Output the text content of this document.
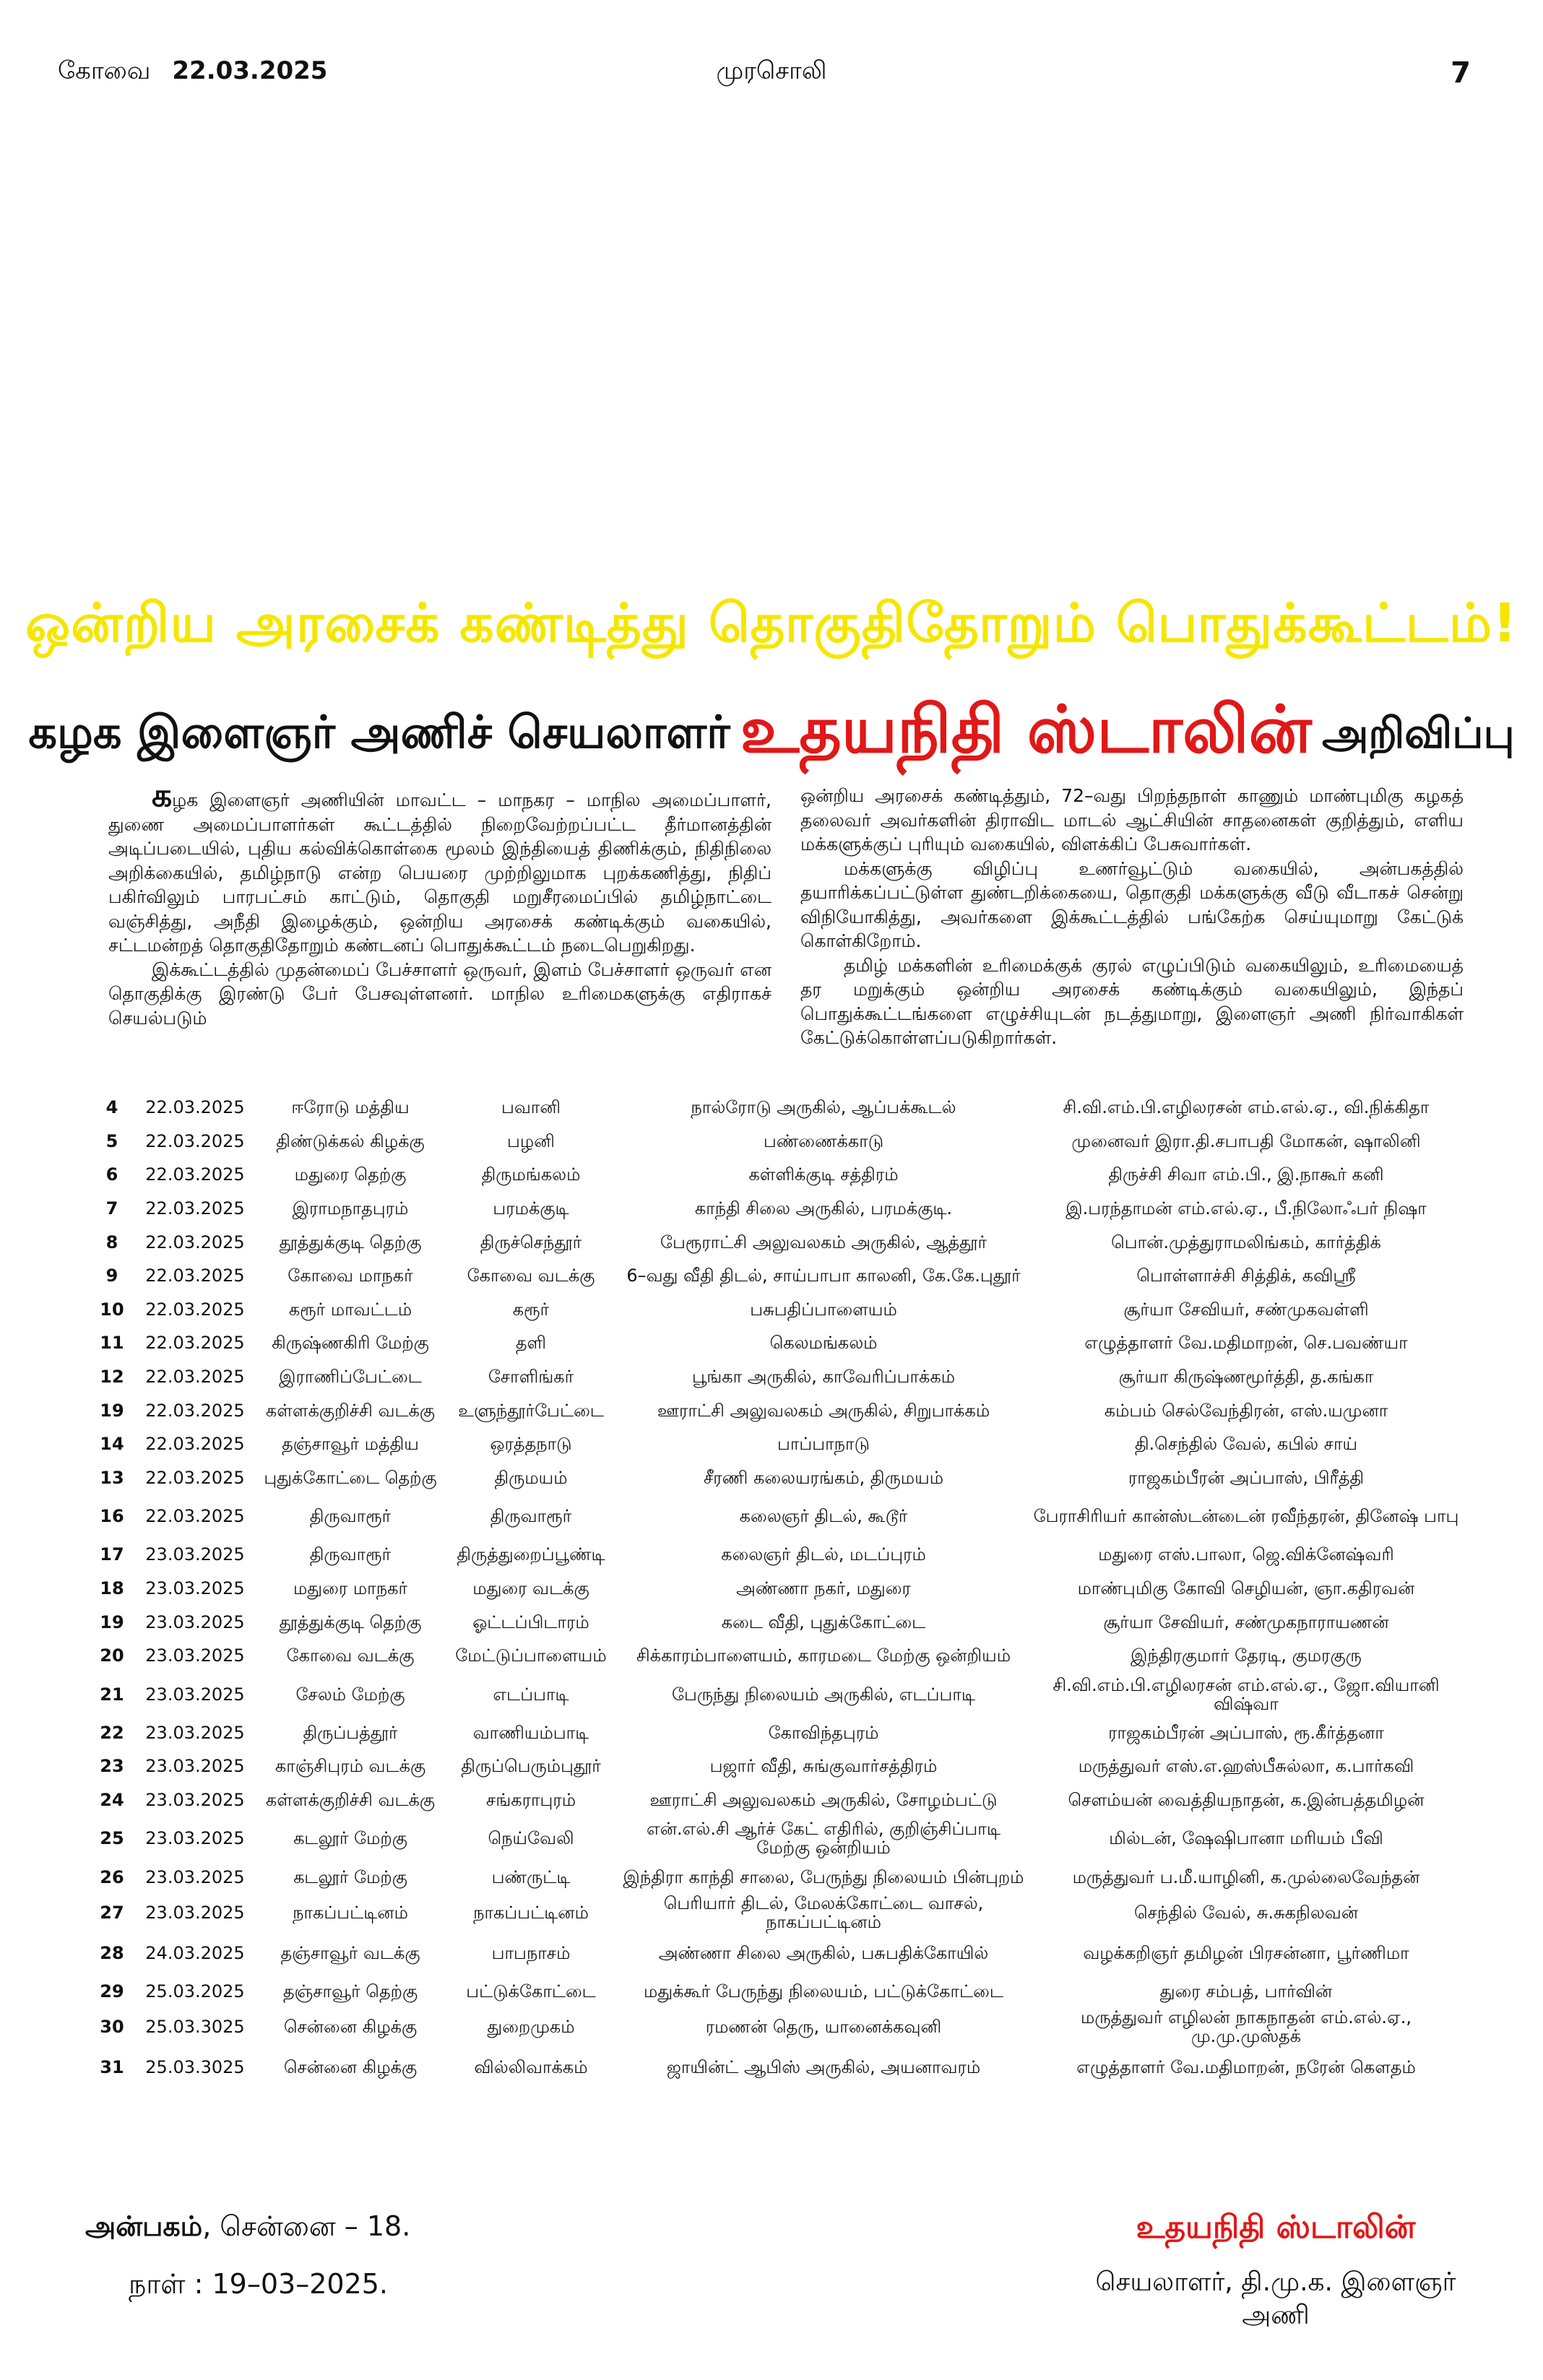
கோவை 22.03.2025	முரசொலி	7
ஒன்றிய அரசைக் கண்டித்து தொகுதிதோறும் பொதுக்கூட்டம்!
கழக இளைஞர் அணிச் செயலாளர் உதயநிதி ஸ்டாலின் அறிவிப்பு

கழக இளைஞர் அணியின் மாவட்ட – மாநகர – மாநில அமைப்பாளர், துணை அமைப்பாளர்கள் கூட்டத்தில் நிறைவேற்றப்பட்ட தீர்மானத்தின் அடிப்படையில், புதிய கல்விக்கொள்கை மூலம் இந்தியைத் திணிக்கும், நிதிநிலை அறிக்கையில், தமிழ்நாடு என்ற பெயரை முற்றிலுமாக புறக்கணித்து, நிதிப் பகிர்விலும் பாரபட்சம் காட்டும், தொகுதி மறுசீரமைப்பில் தமிழ்நாட்டை வஞ்சித்து, அநீதி இழைக்கும், ஒன்றிய அரசைக் கண்டிக்கும் வகையில், சட்டமன்றத் தொகுதிதோறும் கண்டனப் பொதுக்கூட்டம் நடைபெறுகிறது.

இக்கூட்டத்தில் முதன்மைப் பேச்சாளர் ஒருவர், இளம் பேச்சாளர் ஒருவர் என தொகுதிக்கு இரண்டு பேர் பேசவுள்ளனர். மாநில உரிமைகளுக்கு எதிராகச் செயல்படும்

ஒன்றிய அரசைக் கண்டித்தும், 72–வது பிறந்தநாள் காணும் மாண்புமிகு கழகத் தலைவர் அவர்களின் திராவிட மாடல் ஆட்சியின் சாதனைகள் குறித்தும், எளிய மக்களுக்குப் புரியும் வகையில், விளக்கிப் பேசுவார்கள்.

மக்களுக்கு விழிப்பு உணர்வூட்டும் வகையில், அன்பகத்தில் தயாரிக்கப்பட்டுள்ள துண்டறிக்கையை, தொகுதி மக்களுக்கு வீடு வீடாகச் சென்று விநியோகித்து, அவர்களை இக்கூட்டத்தில் பங்கேற்க செய்யுமாறு கேட்டுக் கொள்கிறோம்.

தமிழ் மக்களின் உரிமைக்குக் குரல் எழுப்பிடும் வகையிலும், உரிமையைத் தர மறுக்கும் ஒன்றிய அரசைக் கண்டிக்கும் வகையிலும், இந்தப் பொதுக்கூட்டங்களை எழுச்சியுடன் நடத்துமாறு, இளைஞர் அணி நிர்வாகிகள் கேட்டுக்கொள்ளப்படுகிறார்கள்.

4	22.03.2025	ஈரோடு மத்திய	பவானி	நால்ரோடு அருகில், ஆப்பக்கூடல்	சி.வி.எம்.பி.எழிலரசன் எம்.எல்.ஏ., வி.நிக்கிதா
5	22.03.2025	திண்டுக்கல் கிழக்கு	பழனி	பண்ணைக்காடு	முனைவர் இரா.தி.சபாபதி மோகன், ஷாலினி
6	22.03.2025	மதுரை தெற்கு	திருமங்கலம்	கள்ளிக்குடி சத்திரம்	திருச்சி சிவா எம்.பி., இ.நாகூர் கனி
7	22.03.2025	இராமநாதபுரம்	பரமக்குடி	காந்தி சிலை அருகில், பரமக்குடி.	இ.பரந்தாமன் எம்.எல்.ஏ., பீ.நிலோஃபர் நிஷா
8	22.03.2025	தூத்துக்குடி தெற்கு	திருச்செந்தூர்	பேரூராட்சி அலுவலகம் அருகில், ஆத்தூர்	பொன்.முத்துராமலிங்கம், கார்த்திக்
9	22.03.2025	கோவை மாநகர்	கோவை வடக்கு	6–வது வீதி திடல், சாய்பாபா காலனி, கே.கே.புதூர்	பொள்ளாச்சி சித்திக், கவிஸ்ரீ
10	22.03.2025	கரூர் மாவட்டம்	கரூர்	பசுபதிப்பாளையம்	சூர்யா சேவியர், சண்முகவள்ளி
11	22.03.2025	கிருஷ்ணகிரி மேற்கு	தளி	கெலமங்கலம்	எழுத்தாளர் வே.மதிமாறன், செ.பவண்யா
12	22.03.2025	இராணிப்பேட்டை	சோளிங்கர்	பூங்கா அருகில், காவேரிப்பாக்கம்	சூர்யா கிருஷ்ணமூர்த்தி, த.கங்கா
19	22.03.2025	கள்ளக்குறிச்சி வடக்கு	உளுந்தூர்பேட்டை	ஊராட்சி அலுவலகம் அருகில், சிறுபாக்கம்	கம்பம் செல்வேந்திரன், எஸ்.யமுனா
14	22.03.2025	தஞ்சாவூர் மத்திய	ஒரத்தநாடு	பாப்பாநாடு	தி.செந்தில் வேல், கபில் சாய்
13	22.03.2025	புதுக்கோட்டை தெற்கு	திருமயம்	சீரணி கலையரங்கம், திருமயம்	ராஜகம்பீரன் அப்பாஸ், பிரீத்தி
16	22.03.2025	திருவாரூர்	திருவாரூர்	கலைஞர் திடல், கூடூர்	பேராசிரியர் கான்ஸ்டன்டைன் ரவீந்தரன், தினேஷ் பாபு
17	23.03.2025	திருவாரூர்	திருத்துறைப்பூண்டி	கலைஞர் திடல், மடப்புரம்	மதுரை எஸ்.பாலா, ஜெ.விக்னேஷ்வரி
18	23.03.2025	மதுரை மாநகர்	மதுரை வடக்கு	அண்ணா நகர், மதுரை	மாண்புமிகு கோவி செழியன், ஞா.கதிரவன்
19	23.03.2025	தூத்துக்குடி தெற்கு	ஓட்டப்பிடாரம்	கடை வீதி, புதுக்கோட்டை	சூர்யா சேவியர், சண்முகநாராயணன்
20	23.03.2025	கோவை வடக்கு	மேட்டுப்பாளையம்	சிக்காரம்பாளையம், காரமடை மேற்கு ஒன்றியம்	இந்திரகுமார் தேரடி, குமரகுரு
21	23.03.2025	சேலம் மேற்கு	எடப்பாடி	பேருந்து நிலையம் அருகில், எடப்பாடி	சி.வி.எம்.பி.எழிலரசன் எம்.எல்.ஏ., ஜோ.வியானி விஷ்வா
22	23.03.2025	திருப்பத்தூர்	வாணியம்பாடி	கோவிந்தபுரம்	ராஜகம்பீரன் அப்பாஸ், ரூ.கீர்த்தனா
23	23.03.2025	காஞ்சிபுரம் வடக்கு	திருப்பெரும்புதூர்	பஜார் வீதி, சுங்குவார்சத்திரம்	மருத்துவர் எஸ்.எ.ஹஸ்பீசுல்லா, க.பார்கவி
24	23.03.2025	கள்ளக்குறிச்சி வடக்கு	சங்கராபுரம்	ஊராட்சி அலுவலகம் அருகில், சோழம்பட்டு	சௌம்யன் வைத்தியநாதன், க.இன்பத்தமிழன்
25	23.03.2025	கடலூர் மேற்கு	நெய்வேலி	என்.எல்.சி ஆர்ச் கேட் எதிரில், குறிஞ்சிப்பாடி மேற்கு ஒன்றியம்	மில்டன், ஷேஷிபானா மரியம் பீவி
26	23.03.2025	கடலூர் மேற்கு	பண்ருட்டி	இந்திரா காந்தி சாலை, பேருந்து நிலையம் பின்புறம்	மருத்துவர் ப.மீ.யாழினி, க.முல்லைவேந்தன்
27	23.03.2025	நாகப்பட்டினம்	நாகப்பட்டினம்	பெரியார் திடல், மேலக்கோட்டை வாசல், நாகப்பட்டினம்	செந்தில் வேல், சு.சுகநிலவன்
28	24.03.2025	தஞ்சாவூர் வடக்கு	பாபநாசம்	அண்ணா சிலை அருகில், பசுபதிக்கோயில்	வழக்கறிஞர் தமிழன் பிரசன்னா, பூர்ணிமா
29	25.03.2025	தஞ்சாவூர் தெற்கு	பட்டுக்கோட்டை	மதுக்கூர் பேருந்து நிலையம், பட்டுக்கோட்டை	துரை சம்பத், பார்வின்
30	25.03.3025	சென்னை கிழக்கு	துறைமுகம்	ரமணன் தெரு, யானைக்கவுனி	மருத்துவர் எழிலன் நாகநாதன் எம்.எல்.ஏ., மு.மு.முஸ்தக்
31	25.03.3025	சென்னை கிழக்கு	வில்லிவாக்கம்	ஜாயின்ட் ஆபிஸ் அருகில், அயனாவரம்	எழுத்தாளர் வே.மதிமாறன், நரேன் கௌதம்
அன்பகம், சென்னை – 18.
நாள் : 19–03–2025.
உதயநிதி ஸ்டாலின்
செயலாளர், தி.மு.க. இளைஞர் அணி
